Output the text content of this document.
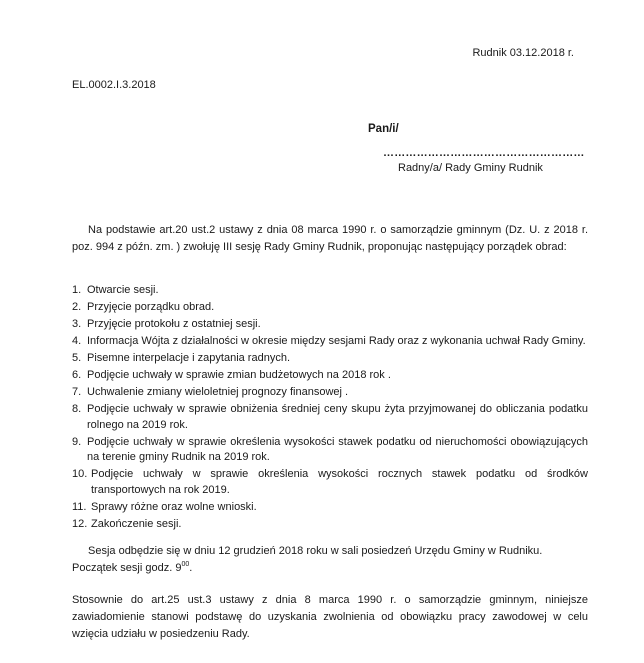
Rudnik 03.12.2018 r.
EL.0002.I.3.2018
Pan/i/
………………………………………………
Radny/a/ Rady Gminy Rudnik
Na podstawie art.20 ust.2 ustawy z dnia 08 marca 1990 r. o samorządzie gminnym (Dz. U. z 2018 r. poz. 994 z późn. zm. ) zwołuję III sesję Rady Gminy Rudnik, proponując następujący porządek obrad:
1. Otwarcie sesji.
2. Przyjęcie porządku obrad.
3. Przyjęcie protokołu z ostatniej sesji.
4. Informacja Wójta z działalności w okresie między sesjami Rady oraz z wykonania uchwał Rady Gminy.
5. Pisemne interpelacje i zapytania radnych.
6. Podjęcie uchwały w sprawie zmian budżetowych na 2018 rok .
7. Uchwalenie zmiany wieloletniej prognozy finansowej .
8. Podjęcie uchwały w sprawie obniżenia średniej ceny skupu żyta przyjmowanej do obliczania podatku rolnego na 2019 rok.
9. Podjęcie uchwały w sprawie określenia wysokości stawek podatku od nieruchomości obowiązujących na terenie gminy Rudnik na 2019 rok.
10. Podjęcie uchwały w sprawie określenia wysokości rocznych stawek podatku od środków transportowych na rok 2019.
11. Sprawy różne oraz wolne wnioski.
12. Zakończenie sesji.
Sesja odbędzie się w dniu 12 grudzień 2018 roku w sali posiedzeń Urzędu Gminy w Rudniku.
Początek sesji godz. $9^{00}$.
Stosownie do art.25 ust.3 ustawy z dnia 8 marca 1990 r. o samorządzie gminnym, niniejsze zawiadomienie stanowi podstawę do uzyskania zwolnienia od obowiązku pracy zawodowej w celu wzięcia udziału w posiedzeniu Rady.
